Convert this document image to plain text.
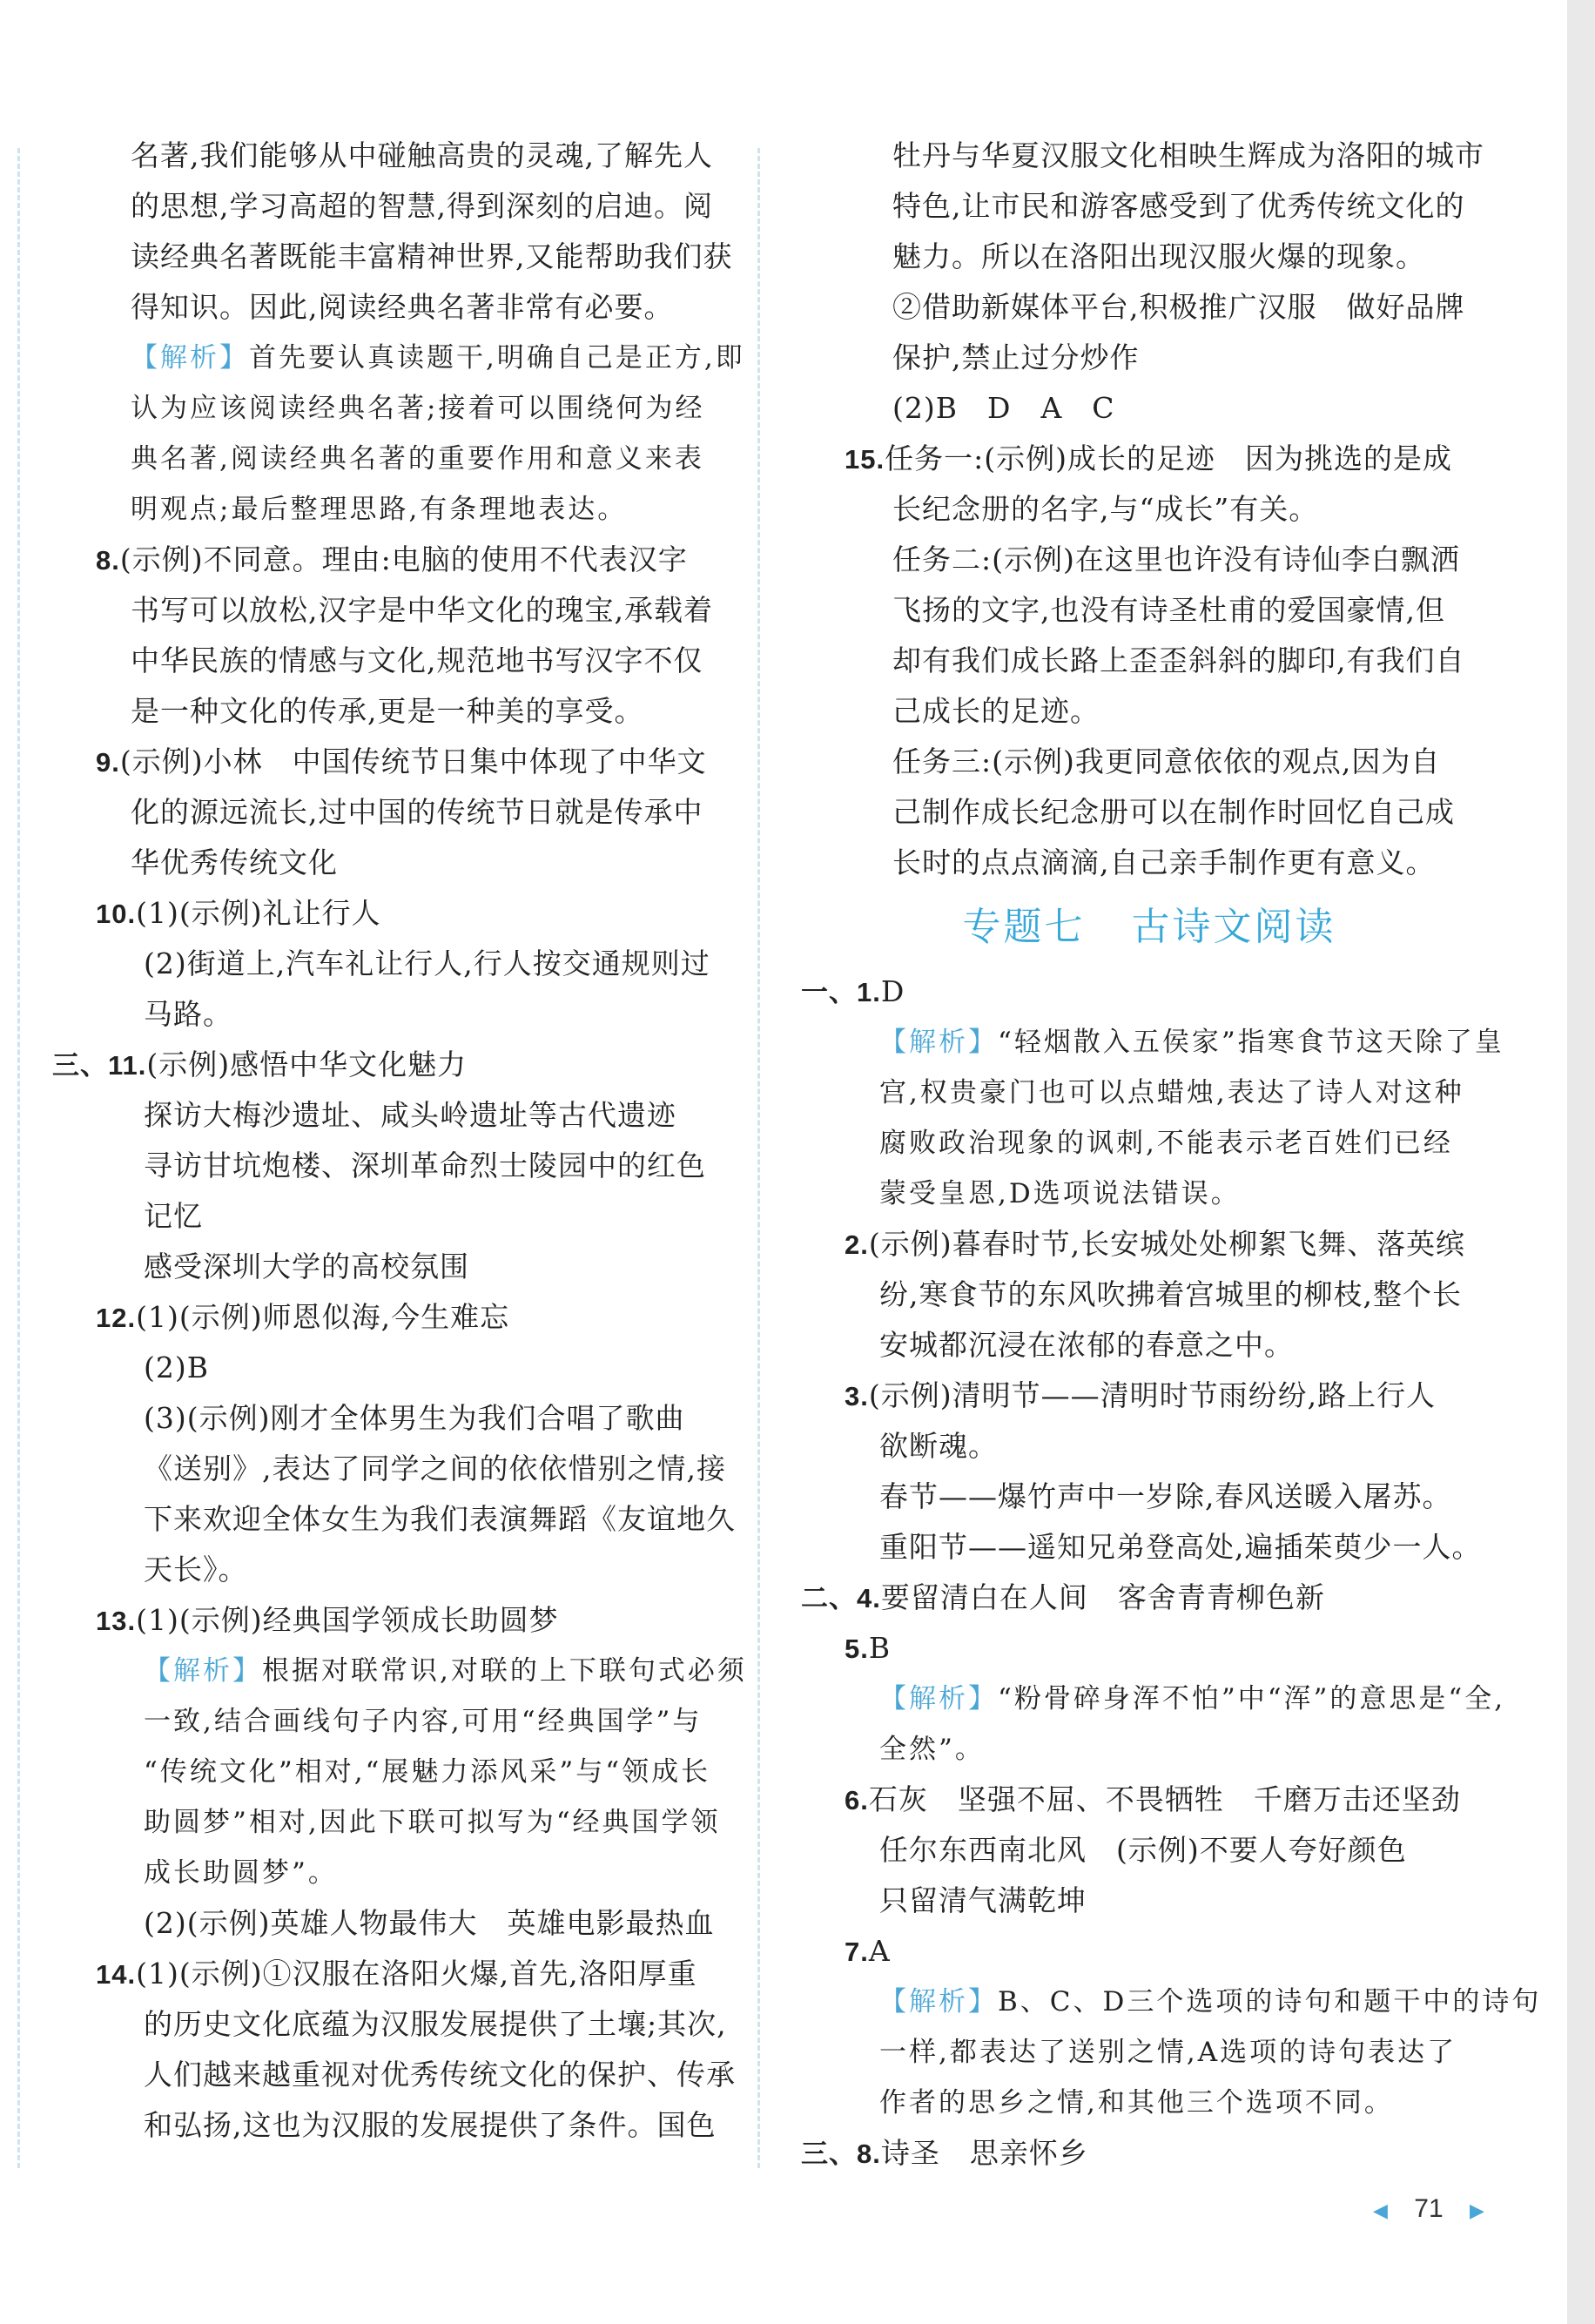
名著,我们能够从中碰触高贵的灵魂,了解先人
的思想,学习高超的智慧,得到深刻的启迪。阅
读经典名著既能丰富精神世界,又能帮助我们获
得知识。因此,阅读经典名著非常有必要。
【解析】首先要认真读题干,明确自己是正方,即
认为应该阅读经典名著;接着可以围绕何为经
典名著,阅读经典名著的重要作用和意义来表
明观点;最后整理思路,有条理地表达。
8.(示例)不同意。理由:电脑的使用不代表汉字
书写可以放松,汉字是中华文化的瑰宝,承载着
中华民族的情感与文化,规范地书写汉字不仅
是一种文化的传承,更是一种美的享受。
9.(示例)小林　中国传统节日集中体现了中华文
化的源远流长,过中国的传统节日就是传承中
华优秀传统文化
10.(1)(示例)礼让行人
(2)街道上,汽车礼让行人,行人按交通规则过
马路。
三、11.(示例)感悟中华文化魅力
探访大梅沙遗址、咸头岭遗址等古代遗迹
寻访甘坑炮楼、深圳革命烈士陵园中的红色
记忆
感受深圳大学的高校氛围
12.(1)(示例)师恩似海,今生难忘
(2)B
(3)(示例)刚才全体男生为我们合唱了歌曲
《送别》,表达了同学之间的依依惜别之情,接
下来欢迎全体女生为我们表演舞蹈《友谊地久
天长》。
13.(1)(示例)经典国学领成长助圆梦
【解析】根据对联常识,对联的上下联句式必须
一致,结合画线句子内容,可用“经典国学”与
“传统文化”相对,“展魅力添风采”与“领成长
助圆梦”相对,因此下联可拟写为“经典国学领
成长助圆梦”。
(2)(示例)英雄人物最伟大　英雄电影最热血
14.(1)(示例)①汉服在洛阳火爆,首先,洛阳厚重
的历史文化底蕴为汉服发展提供了土壤;其次,
人们越来越重视对优秀传统文化的保护、传承
和弘扬,这也为汉服的发展提供了条件。国色
牡丹与华夏汉服文化相映生辉成为洛阳的城市
特色,让市民和游客感受到了优秀传统文化的
魅力。所以在洛阳出现汉服火爆的现象。
②借助新媒体平台,积极推广汉服　做好品牌
保护,禁止过分炒作
(2)B　D　A　C
15.任务一:(示例)成长的足迹　因为挑选的是成
长纪念册的名字,与“成长”有关。
任务二:(示例)在这里也许没有诗仙李白飘洒
飞扬的文字,也没有诗圣杜甫的爱国豪情,但
却有我们成长路上歪歪斜斜的脚印,有我们自
己成长的足迹。
任务三:(示例)我更同意依依的观点,因为自
己制作成长纪念册可以在制作时回忆自己成
长时的点点滴滴,自己亲手制作更有意义。
专题七 古诗文阅读
一、1.D
【解析】“轻烟散入五侯家”指寒食节这天除了皇
宫,权贵豪门也可以点蜡烛,表达了诗人对这种
腐败政治现象的讽刺,不能表示老百姓们已经
蒙受皇恩,D选项说法错误。
2.(示例)暮春时节,长安城处处柳絮飞舞、落英缤
纷,寒食节的东风吹拂着宫城里的柳枝,整个长
安城都沉浸在浓郁的春意之中。
3.(示例)清明节——清明时节雨纷纷,路上行人
欲断魂。
春节——爆竹声中一岁除,春风送暖入屠苏。
重阳节——遥知兄弟登高处,遍插茱萸少一人。
二、4.要留清白在人间　客舍青青柳色新
5.B
【解析】“粉骨碎身浑不怕”中“浑”的意思是“全,
全然”。
6.石灰　坚强不屈、不畏牺牲　千磨万击还坚劲
任尔东西南北风　(示例)不要人夸好颜色
只留清气满乾坤
7.A
【解析】B、C、D三个选项的诗句和题干中的诗句
一样,都表达了送别之情,A选项的诗句表达了
作者的思乡之情,和其他三个选项不同。
三、8.诗圣　思亲怀乡
◀ 71 ▶
